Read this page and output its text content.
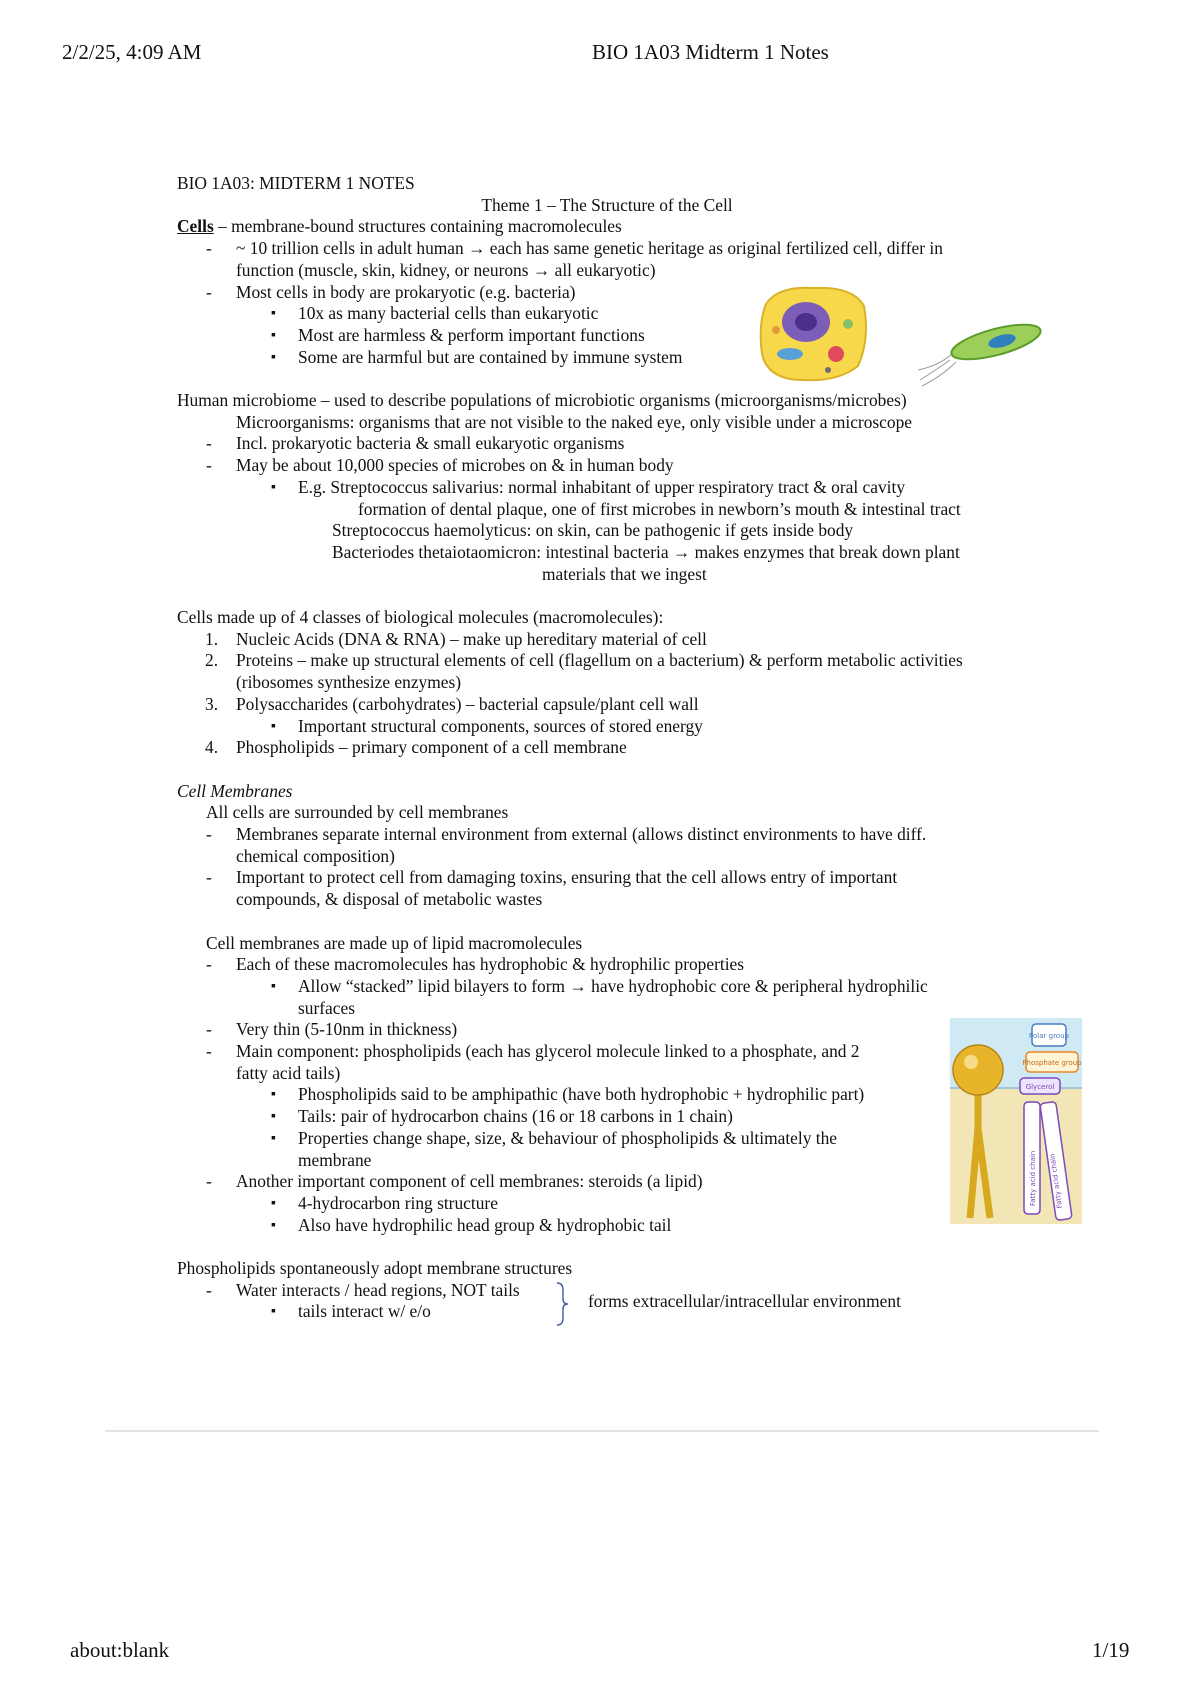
2/2/25, 4:09 AM	BIO 1A03 Midterm 1 Notes
BIO 1A03: MIDTERM 1 NOTES
Theme 1 – The Structure of the Cell
Cells – membrane-bound structures containing macromolecules
- ~ 10 trillion cells in adult human → each has same genetic heritage as original fertilized cell, differ in
function (muscle, skin, kidney, or neurons → all eukaryotic)
- Most cells in body are prokaryotic (e.g. bacteria)
▪ 10x as many bacterial cells than eukaryotic
▪ Most are harmless & perform important functions
▪ Some are harmful but are contained by immune system
Human microbiome – used to describe populations of microbiotic organisms (microorganisms/microbes)
Microorganisms: organisms that are not visible to the naked eye, only visible under a microscope
- Incl. prokaryotic bacteria & small eukaryotic organisms
- May be about 10,000 species of microbes on & in human body
▪ E.g. Streptococcus salivarius: normal inhabitant of upper respiratory tract & oral cavity
formation of dental plaque, one of first microbes in newborn’s mouth & intestinal tract
Streptococcus haemolyticus: on skin, can be pathogenic if gets inside body
Bacteriodes thetaiotaomicron: intestinal bacteria → makes enzymes that break down plant
materials that we ingest
Cells made up of 4 classes of biological molecules (macromolecules):
1. Nucleic Acids (DNA & RNA) – make up hereditary material of cell
2. Proteins – make up structural elements of cell (flagellum on a bacterium) & perform metabolic activities (ribosomes synthesize enzymes)
3. Polysaccharides (carbohydrates) – bacterial capsule/plant cell wall
▪ Important structural components, sources of stored energy
4. Phospholipids – primary component of a cell membrane
Cell Membranes
All cells are surrounded by cell membranes
- Membranes separate internal environment from external (allows distinct environments to have diff. chemical composition)
- Important to protect cell from damaging toxins, ensuring that the cell allows entry of important compounds, & disposal of metabolic wastes
Cell membranes are made up of lipid macromolecules
- Each of these macromolecules has hydrophobic & hydrophilic properties
▪ Allow “stacked” lipid bilayers to form → have hydrophobic core & peripheral hydrophilic
surfaces
- Very thin (5-10nm in thickness)
- Main component: phospholipids (each has glycerol molecule linked to a phosphate, and 2
fatty acid tails)
▪ Phospholipids said to be amphipathic (have both hydrophobic + hydrophilic part)
▪ Tails: pair of hydrocarbon chains (16 or 18 carbons in 1 chain)
▪ Properties change shape, size, & behaviour of phospholipids & ultimately the
membrane
- Another important component of cell membranes: steroids (a lipid)
▪ 4-hydrocarbon ring structure
▪ Also have hydrophilic head group & hydrophobic tail
Phospholipids spontaneously adopt membrane structures
- Water interacts / head regions, NOT tails
forms extracellular/intracellular environment
▪ tails interact w/ e/o
Polar group
Phosphate group
Glycerol
Fatty acid chain Fatty acid chain
about:blank	1/19
